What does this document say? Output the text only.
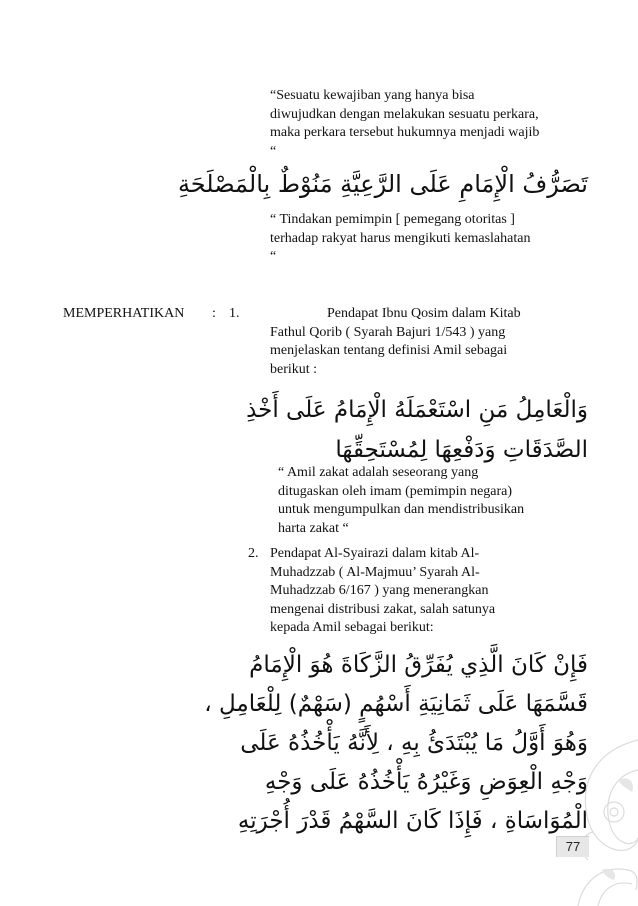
“Sesuatu kewajiban yang hanya bisa
diwujudkan dengan melakukan sesuatu perkara,
maka perkara tersebut hukumnya menjadi wajib
“
تَصَرُّفُ الْإِمَامِ عَلَى الرَّعِيَّةِ مَنُوْطٌ بِالْمَصْلَحَةِ
“ Tindakan pemimpin [ pemegang otoritas ]
terhadap rakyat harus mengikuti kemaslahatan
“
MEMPERHATIKAN : 1.	Pendapat Ibnu Qosim dalam Kitab
Fathul Qorib ( Syarah Bajuri 1/543 ) yang
menjelaskan tentang definisi Amil sebagai
berikut :
وَالْعَامِلُ مَنِ اسْتَعْمَلَهُ الْإِمَامُ عَلَى أَخْذِ
الصَّدَقَاتِ وَدَفْعِهَا لِمُسْتَحِقِّهَا
“ Amil zakat adalah seseorang yang
ditugaskan oleh imam (pemimpin negara)
untuk mengumpulkan dan mendistribusikan
harta zakat “
2. Pendapat Al-Syairazi dalam kitab Al-
Muhadzzab ( Al-Majmuu’ Syarah Al-
Muhadzzab 6/167 ) yang menerangkan
mengenai distribusi zakat, salah satunya
kepada Amil sebagai berikut:
فَإِنْ كَانَ الَّذِي يُفَرِّقُ الزَّكَاةَ هُوَ الْإِمَامُ
قَسَّمَهَا عَلَى ثَمَانِيَةِ أَسْهُمٍ (سَهْمٌ) لِلْعَامِلِ ،
وَهُوَ أَوَّلُ مَا يُبْتَدَئُ بِهِ ، لِأَنَّهُ يَأْخُذُهُ عَلَى
وَجْهِ الْعِوَضِ وَغَيْرُهُ يَأْخُذُهُ عَلَى وَجْهِ
الْمُوَاسَاةِ ، فَإِذَا كَانَ السَّهْمُ قَدْرَ أُجْرَتِهِ
77
